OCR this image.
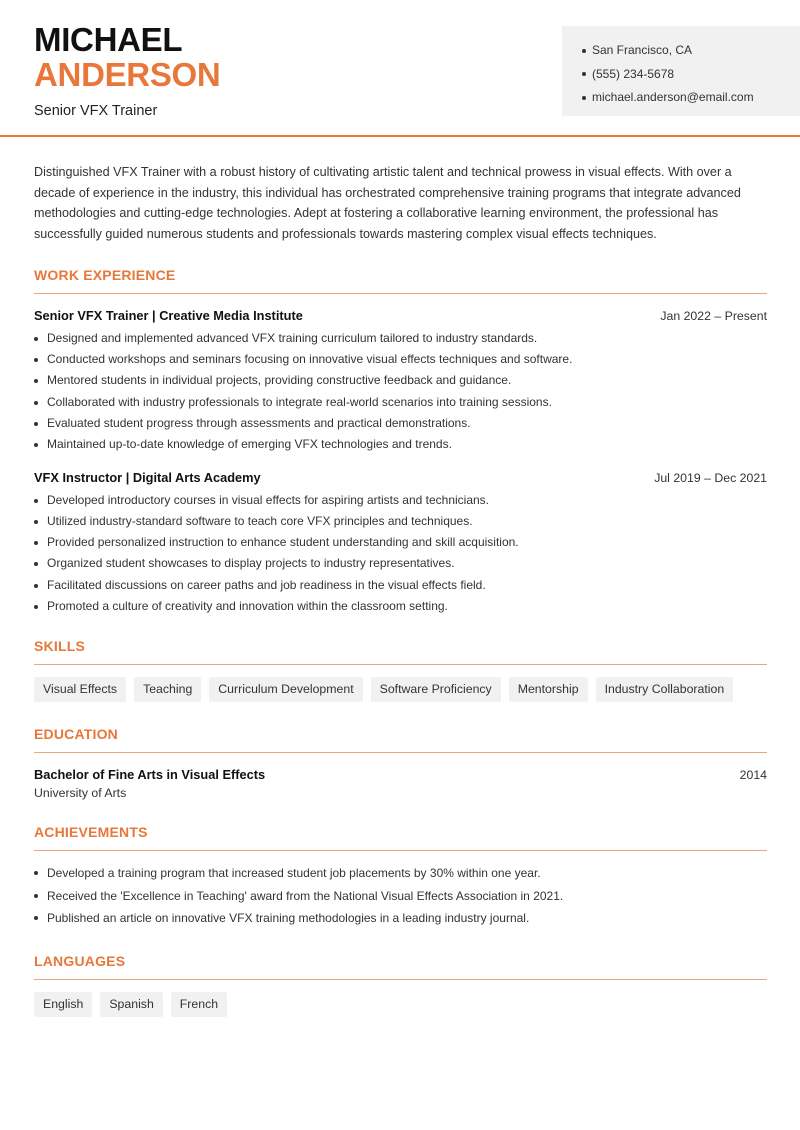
MICHAEL
ANDERSON
Senior VFX Trainer
San Francisco, CA
(555) 234-5678
michael.anderson@email.com

Distinguished VFX Trainer with a robust history of cultivating artistic talent and technical prowess in visual effects. With over a decade of experience in the industry, this individual has orchestrated comprehensive training programs that integrate advanced methodologies and cutting-edge technologies. Adept at fostering a collaborative learning environment, the professional has successfully guided numerous students and professionals towards mastering complex visual effects techniques.

WORK EXPERIENCE
Senior VFX Trainer | Creative Media Institute	Jan 2022 – Present
Designed and implemented advanced VFX training curriculum tailored to industry standards.
Conducted workshops and seminars focusing on innovative visual effects techniques and software.
Mentored students in individual projects, providing constructive feedback and guidance.
Collaborated with industry professionals to integrate real-world scenarios into training sessions.
Evaluated student progress through assessments and practical demonstrations.
Maintained up-to-date knowledge of emerging VFX technologies and trends.
VFX Instructor | Digital Arts Academy	Jul 2019 – Dec 2021
Developed introductory courses in visual effects for aspiring artists and technicians.
Utilized industry-standard software to teach core VFX principles and techniques.
Provided personalized instruction to enhance student understanding and skill acquisition.
Organized student showcases to display projects to industry representatives.
Facilitated discussions on career paths and job readiness in the visual effects field.
Promoted a culture of creativity and innovation within the classroom setting.
SKILLS
Visual Effects	Teaching	Curriculum Development	Software Proficiency	Mentorship	Industry Collaboration
EDUCATION
Bachelor of Fine Arts in Visual Effects	2014
University of Arts
ACHIEVEMENTS
Developed a training program that increased student job placements by 30% within one year.
Received the 'Excellence in Teaching' award from the National Visual Effects Association in 2021.
Published an article on innovative VFX training methodologies in a leading industry journal.
LANGUAGES
English	Spanish	French
